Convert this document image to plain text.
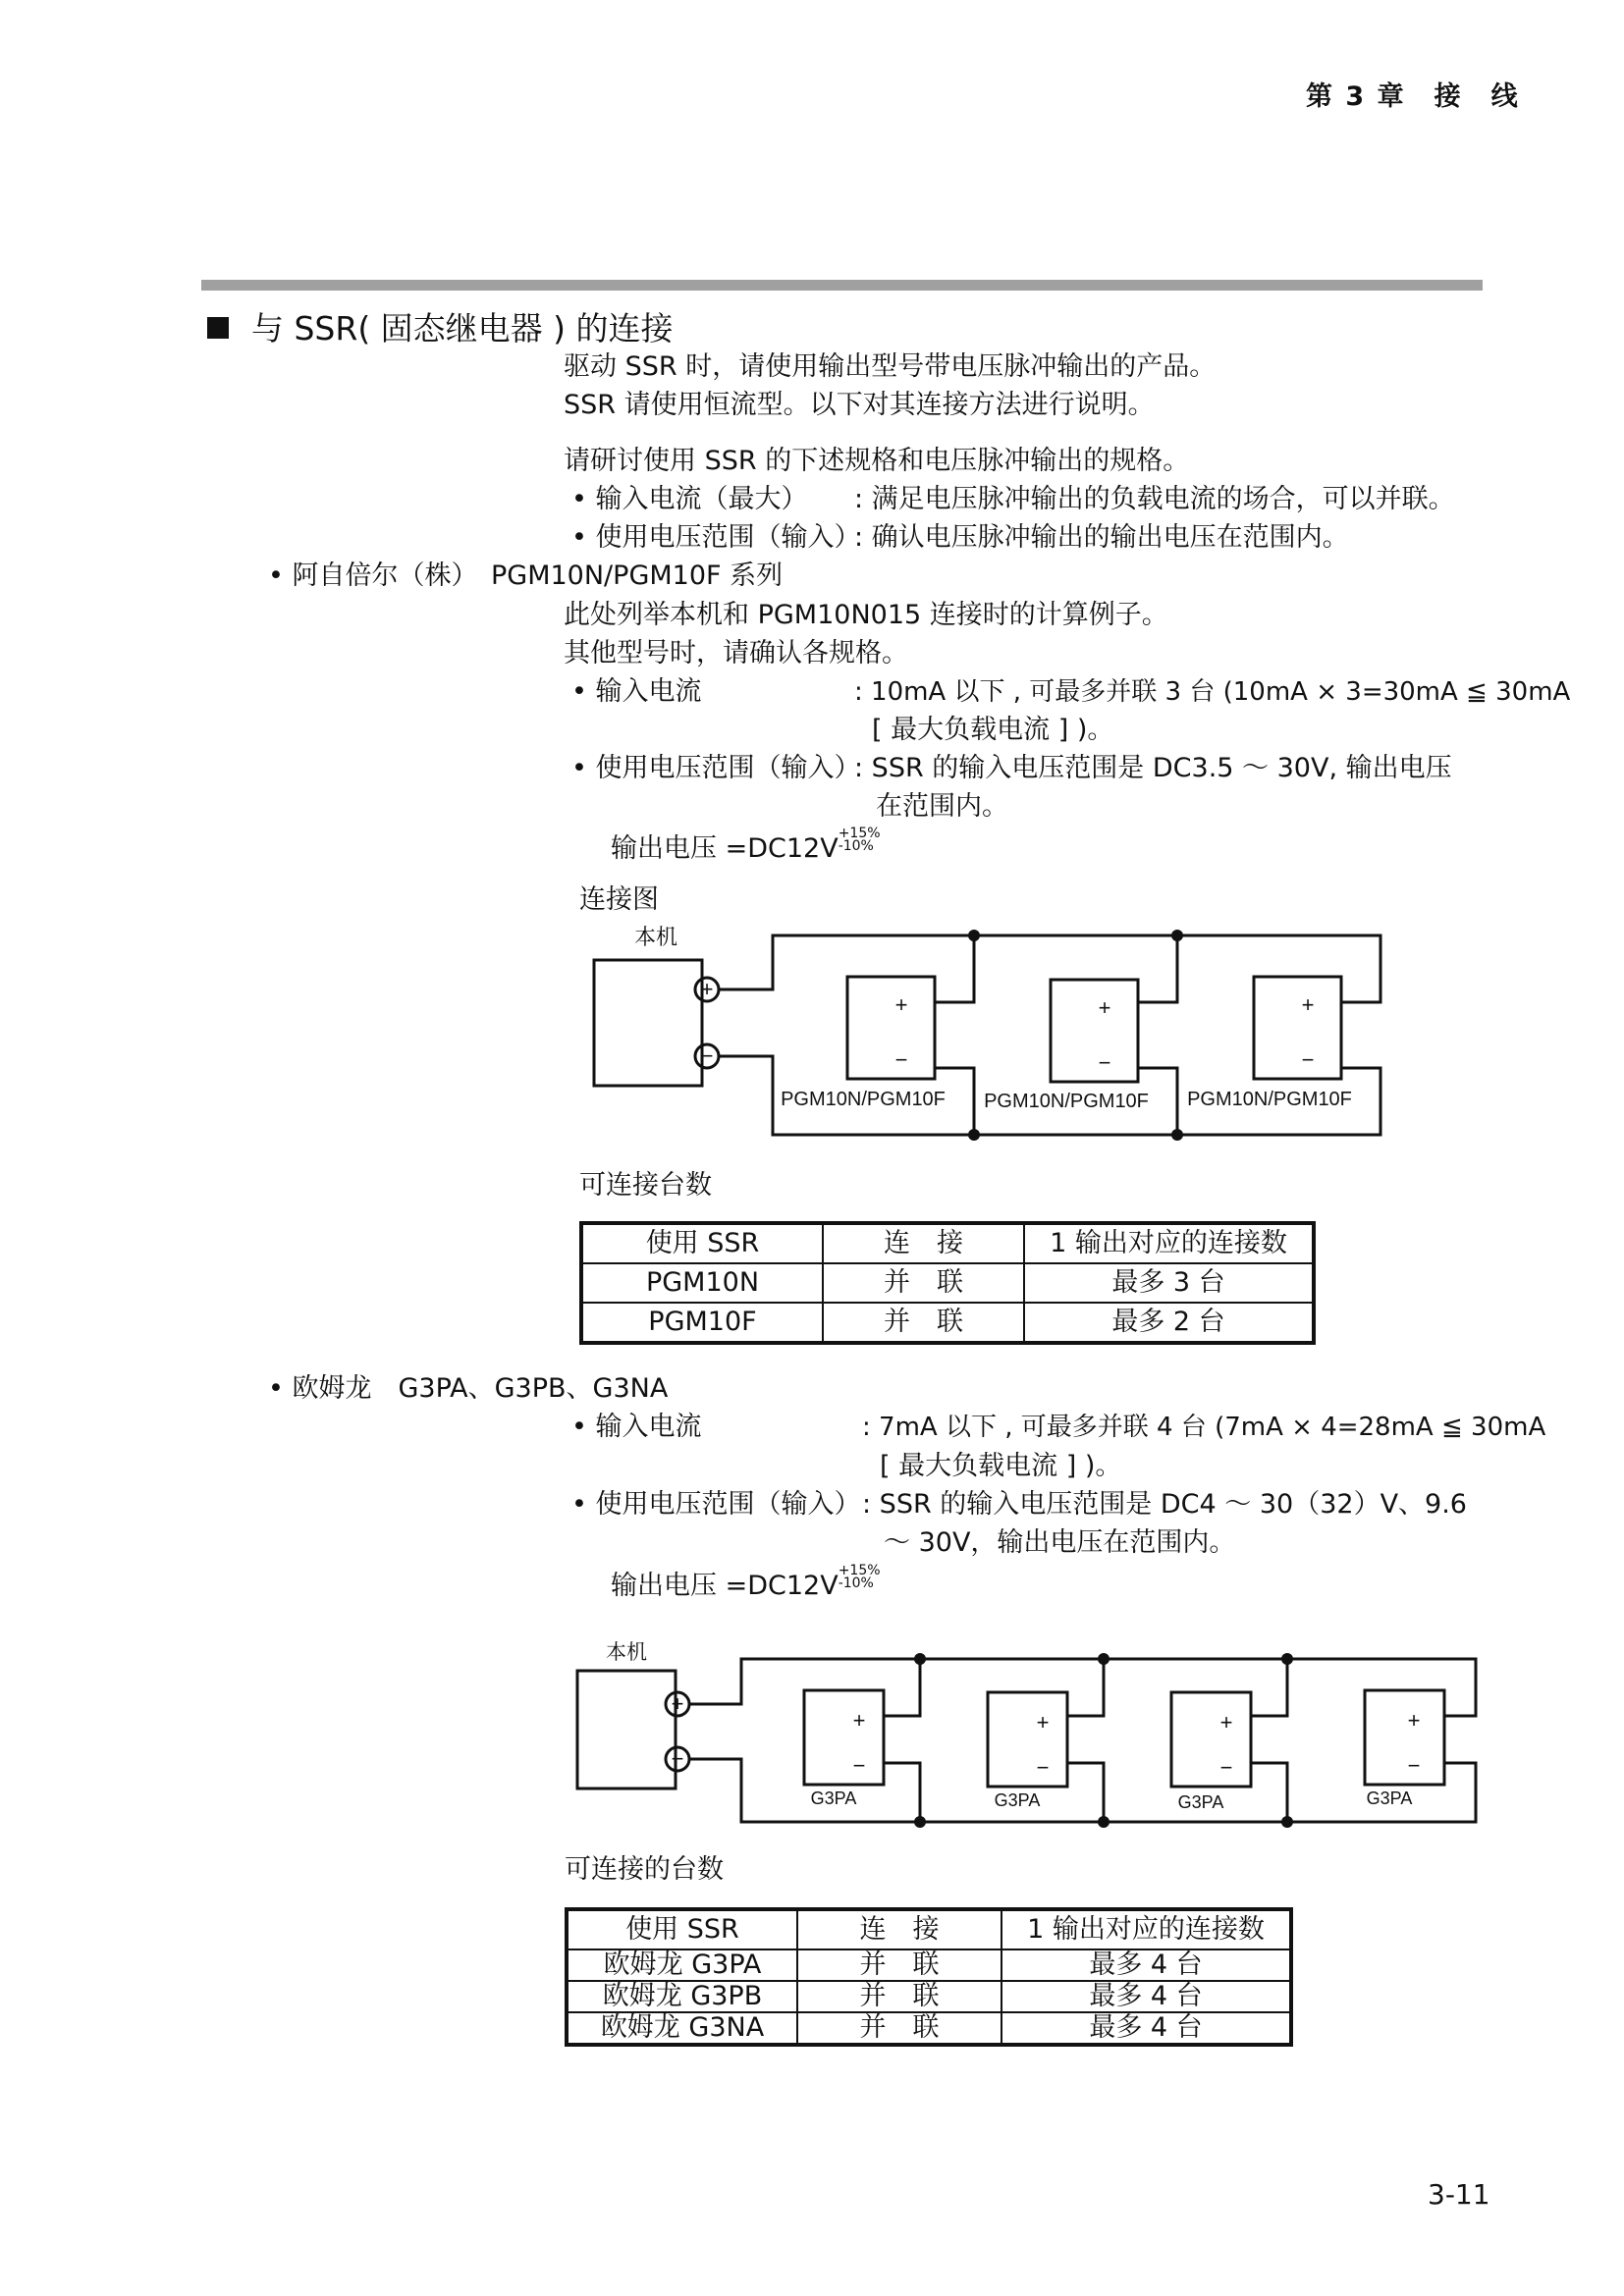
第 3 章　接　线
与 SSR( 固态继电器 ) 的连接
驱动 SSR 时，请使用输出型号带电压脉冲输出的产品。
SSR 请使用恒流型。以下对其连接方法进行说明。
请研讨使用 SSR 的下述规格和电压脉冲输出的规格。
• 输入电流（最大） : 满足电压脉冲输出的负载电流的场合，可以并联。
• 使用电压范围（输入）
: 确认电压脉冲输出的输出电压在范围内。
• 阿自倍尔（株）　PGM10N/PGM10F 系列
此处列举本机和 PGM10N015 连接时的计算例子。
其他型号时，请确认各规格。
• 输入电流	: 10mA 以下 , 可最多并联 3 台 (10mA × 3=30mA ≦ 30mA
[ 最大负载电流 ] )。
• 使用电压范围（输入）
: SSR 的输入电压范围是 DC3.5 ～ 30V, 输出电压
在范围内。
输出电压 =DC12V +15%
-10%
连接图
+
−
+
−
+
−
+
−
本机
PGM10N/PGM10F PGM10N/PGM10F PGM10N/PGM10F
可连接台数
使用 SSR	连　接	1 输出对应的连接数
PGM10N	并　联	最多 3 台
PGM10F	并　联	最多 2 台
• 欧姆龙　G3PA、G3PB、G3NA
• 输入电流	: 7mA 以下 , 可最多并联 4 台 (7mA × 4=28mA ≦ 30mA
[ 最大负载电流 ] )。
• 使用电压范围（输入） : SSR 的输入电压范围是 DC4 ～ 30（32）V、9.6
～ 30V，输出电压在范围内。
输出电压 =DC12V +15%
-10%
+
−
+
−
+
−
+
−
+
−
本机
G3PA	G3PA	G3PA	G3PA
可连接的台数
使用 SSR	连　接	1 输出对应的连接数
欧姆龙 G3PA	并　联	最多 4 台
欧姆龙 G3PB	并　联	最多 4 台
欧姆龙 G3NA	并　联	最多 4 台
3-11
